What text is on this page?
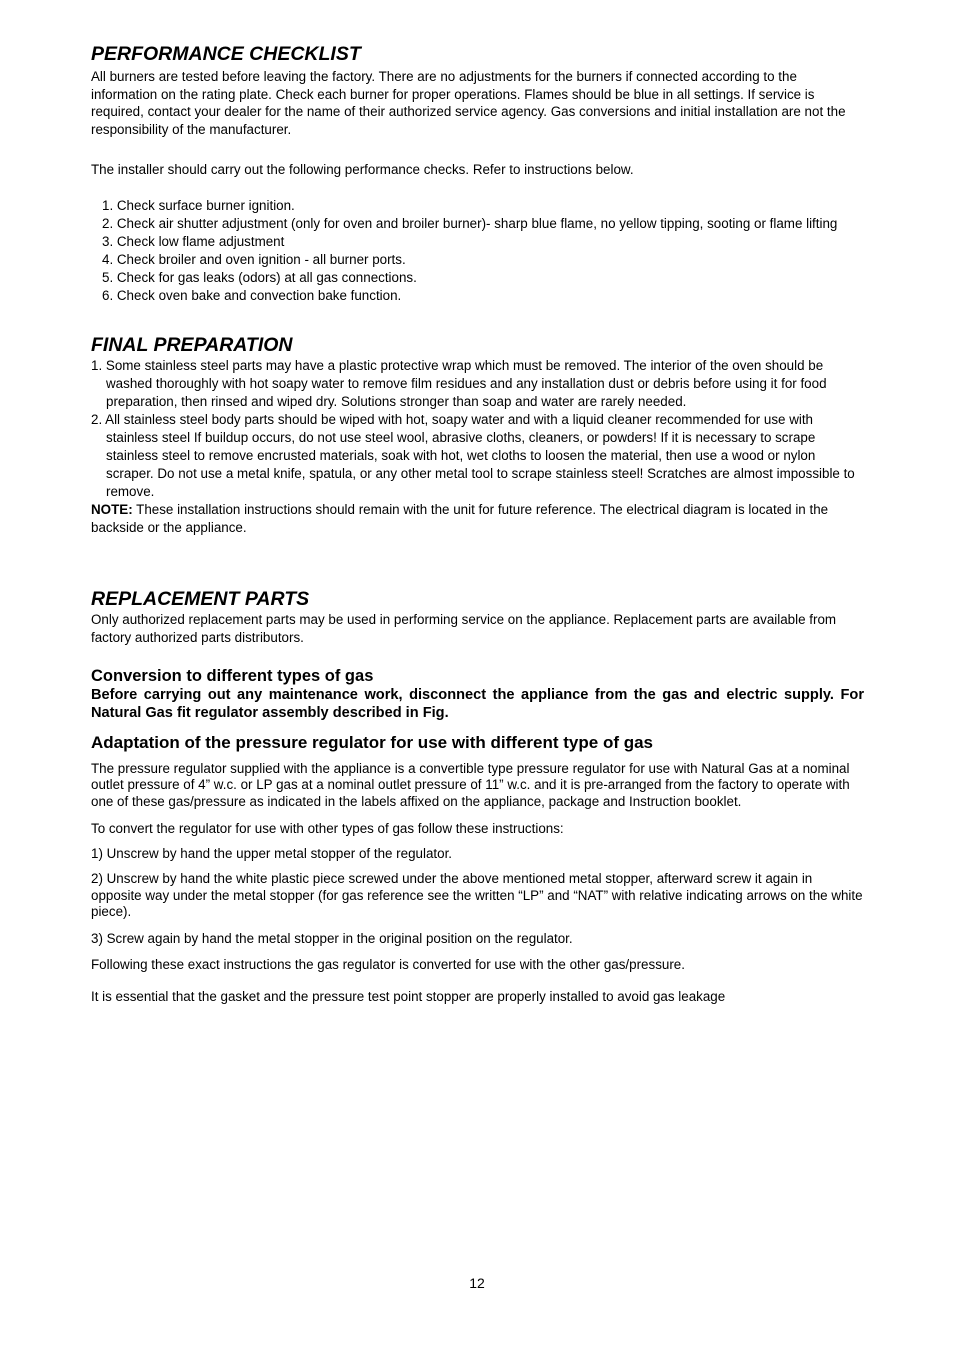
PERFORMANCE CHECKLIST

All burners are tested before leaving the factory. There are no adjustments for the burners if connected according to the information on the rating plate. Check each burner for proper operations. Flames should be blue in all settings. If service is required, contact your dealer for the name of their authorized service agency. Gas conversions and initial installation are not the responsibility of the manufacturer.

The installer should carry out the following performance checks. Refer to instructions below.

1. Check surface burner ignition.
2. Check air shutter adjustment (only for oven and broiler burner)- sharp blue flame, no yellow tipping, sooting or flame lifting
3. Check low flame adjustment
4. Check broiler and oven ignition - all burner ports.
5. Check for gas leaks (odors) at all gas connections.
6. Check oven bake and convection bake function.
FINAL PREPARATION
1. Some stainless steel parts may have a plastic protective wrap which must be removed. The interior of the oven should be washed thoroughly with hot soapy water to remove film residues and any installation dust or debris before using it for food preparation, then rinsed and wiped dry. Solutions stronger than soap and water are rarely needed.
2. All stainless steel body parts should be wiped with hot, soapy water and with a liquid cleaner recommended for use with stainless steel If buildup occurs, do not use steel wool, abrasive cloths, cleaners, or powders! If it is necessary to scrape stainless steel to remove encrusted materials, soak with hot, wet cloths to loosen the material, then use a wood or nylon scraper. Do not use a metal knife, spatula, or any other metal tool to scrape stainless steel! Scratches are almost impossible to remove.

NOTE: These installation instructions should remain with the unit for future reference. The electrical diagram is located in the backside or the appliance.

REPLACEMENT PARTS

Only authorized replacement parts may be used in performing service on the appliance. Replacement parts are available from factory authorized parts distributors.

Conversion to different types of gas

Before carrying out any maintenance work, disconnect the appliance from the gas and electric supply. For Natural Gas fit regulator assembly described in Fig.

Adaptation of the pressure regulator for use with different type of gas

The pressure regulator supplied with the appliance is a convertible type pressure regulator for use with Natural Gas at a nominal outlet pressure of 4” w.c. or LP gas at a nominal outlet pressure of 11” w.c. and it is pre-arranged from the factory to operate with one of these gas/pressure as indicated in the labels affixed on the appliance, package and Instruction booklet.

To convert the regulator for use with other types of gas follow these instructions:

1) Unscrew by hand the upper metal stopper of the regulator.

2) Unscrew by hand the white plastic piece screwed under the above mentioned metal stopper, afterward screw it again in opposite way under the metal stopper (for gas reference see the written “LP” and “NAT” with relative indicating arrows on the white piece).

3) Screw again by hand the metal stopper in the original position on the regulator.

Following these exact instructions the gas regulator is converted for use with the other gas/pressure.

It is essential that the gasket and the pressure test point stopper are properly installed to avoid gas leakage

12
